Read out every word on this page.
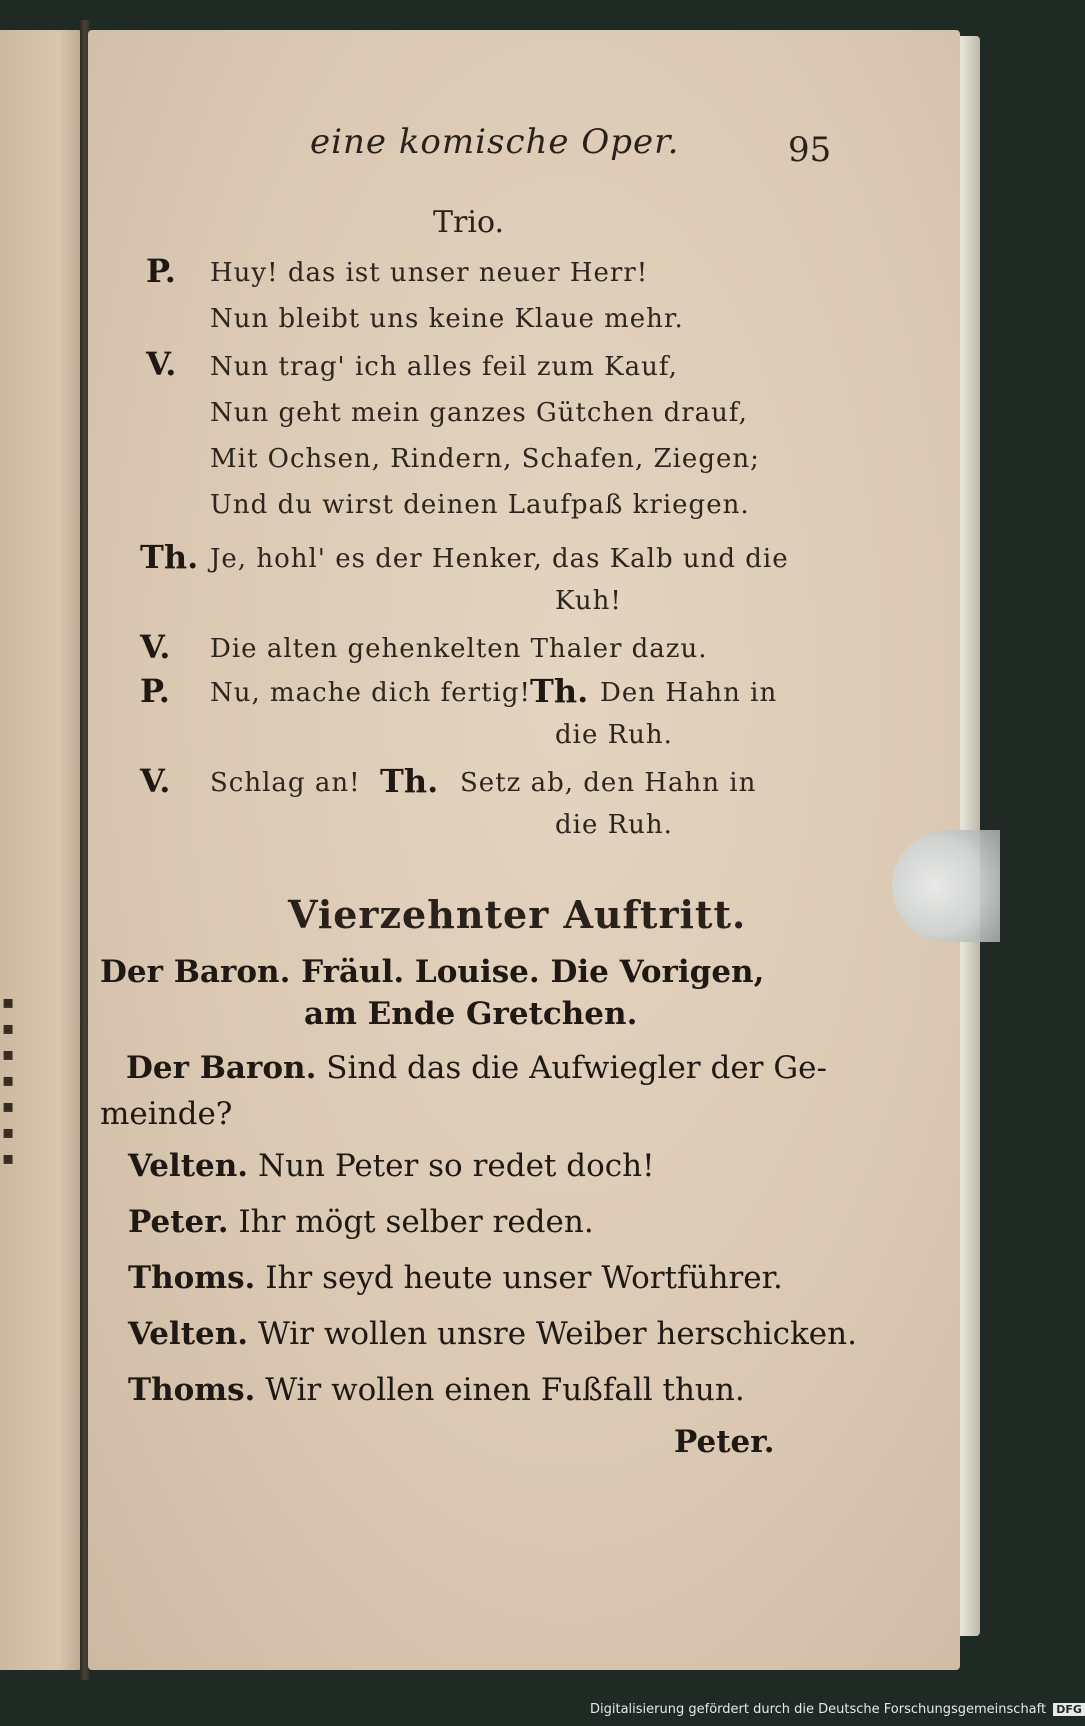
▪
▪
▪
▪
▪
▪
▪
eine komische Oper.	95
Trio.
P. Huy! das ist unser neuer Herr!
Nun bleibt uns keine Klaue mehr.
V. Nun trag' ich alles feil zum Kauf,
Nun geht mein ganzes Gütchen drauf,
Mit Ochsen, Rindern, Schafen, Ziegen;
Und du wirst deinen Laufpaß kriegen.
Th. Je, hohl' es der Henker, das Kalb und die
Kuh!
V. Die alten gehenkelten Thaler dazu.
P. Nu, mache dich fertig! Th. Den Hahn in
die Ruh.
V. Schlag an! Th. Setz ab, den Hahn in
die Ruh.
Vierzehnter Auftritt.
Der Baron. Fräul. Louise. Die Vorigen,
am Ende Gretchen.
Der Baron. Sind das die Aufwiegler der Ge-
meinde?
Velten. Nun Peter so redet doch!
Peter. Ihr mögt selber reden.
Thoms. Ihr seyd heute unser Wortführer.
Velten. Wir wollen unsre Weiber herschicken.
Thoms. Wir wollen einen Fußfall thun.
Peter.
Digitalisierung gefördert durch die Deutsche Forschungsgemeinschaft DFG
